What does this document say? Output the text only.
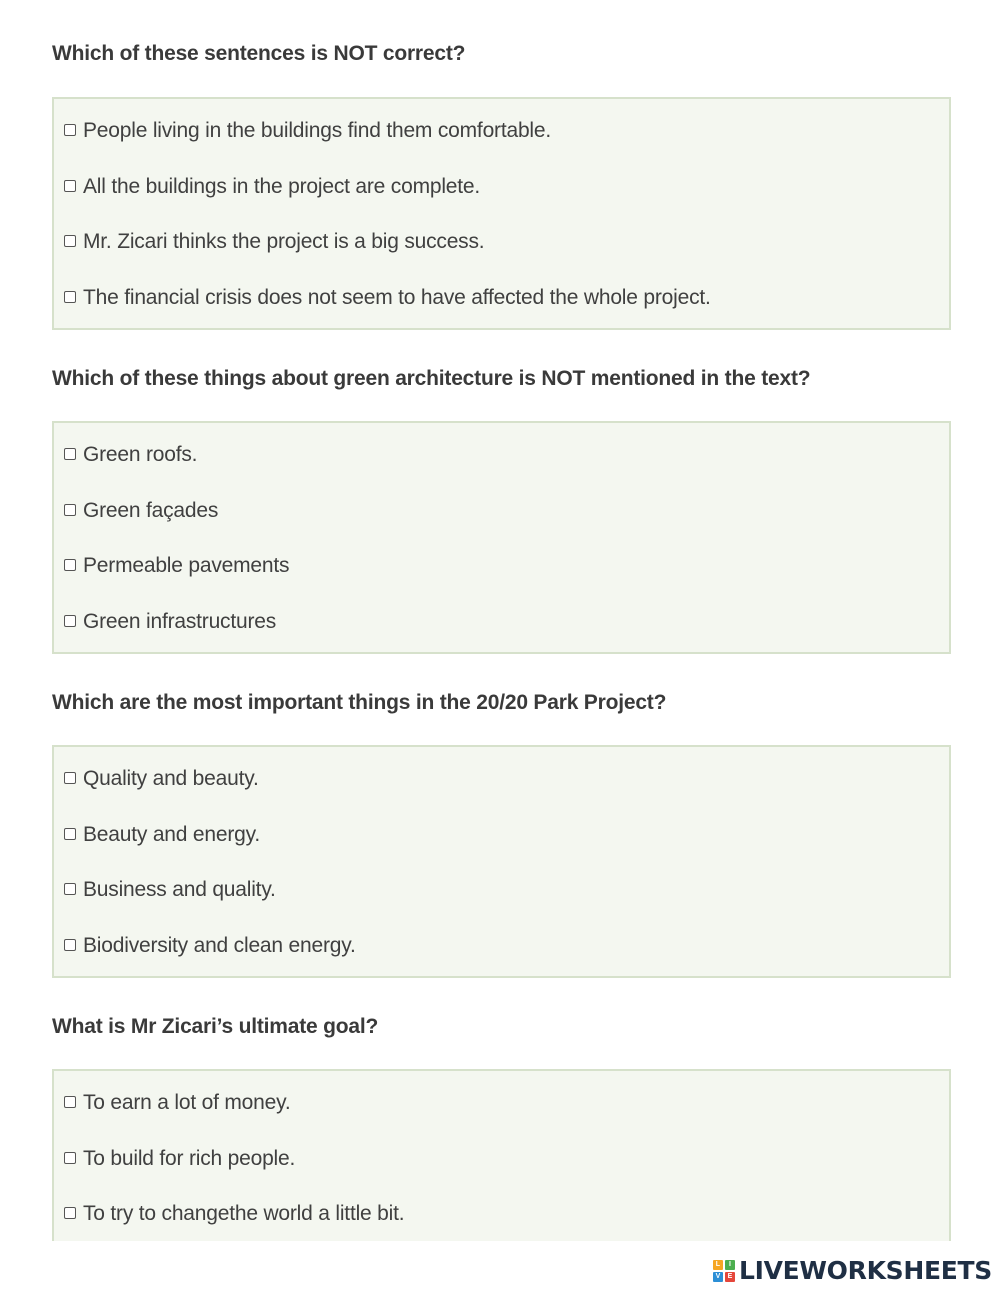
Which of these sentences is NOT correct?
People living in the buildings find them comfortable.
All the buildings in the project are complete.
Mr. Zicari thinks the project is a big success.
The financial crisis does not seem to have affected the whole project.
Which of these things about green architecture is NOT mentioned in the text?
Green roofs.
Green façades
Permeable pavements
Green infrastructures
Which are the most important things in the 20/20 Park Project?
Quality and beauty.
Beauty and energy.
Business and quality.
Biodiversity and clean energy.
What is Mr Zicari’s ultimate goal?
To earn a lot of money.
To build for rich people.
To try to changethe world a little bit.
L	I
V	E LIVEWORKSHEETS
